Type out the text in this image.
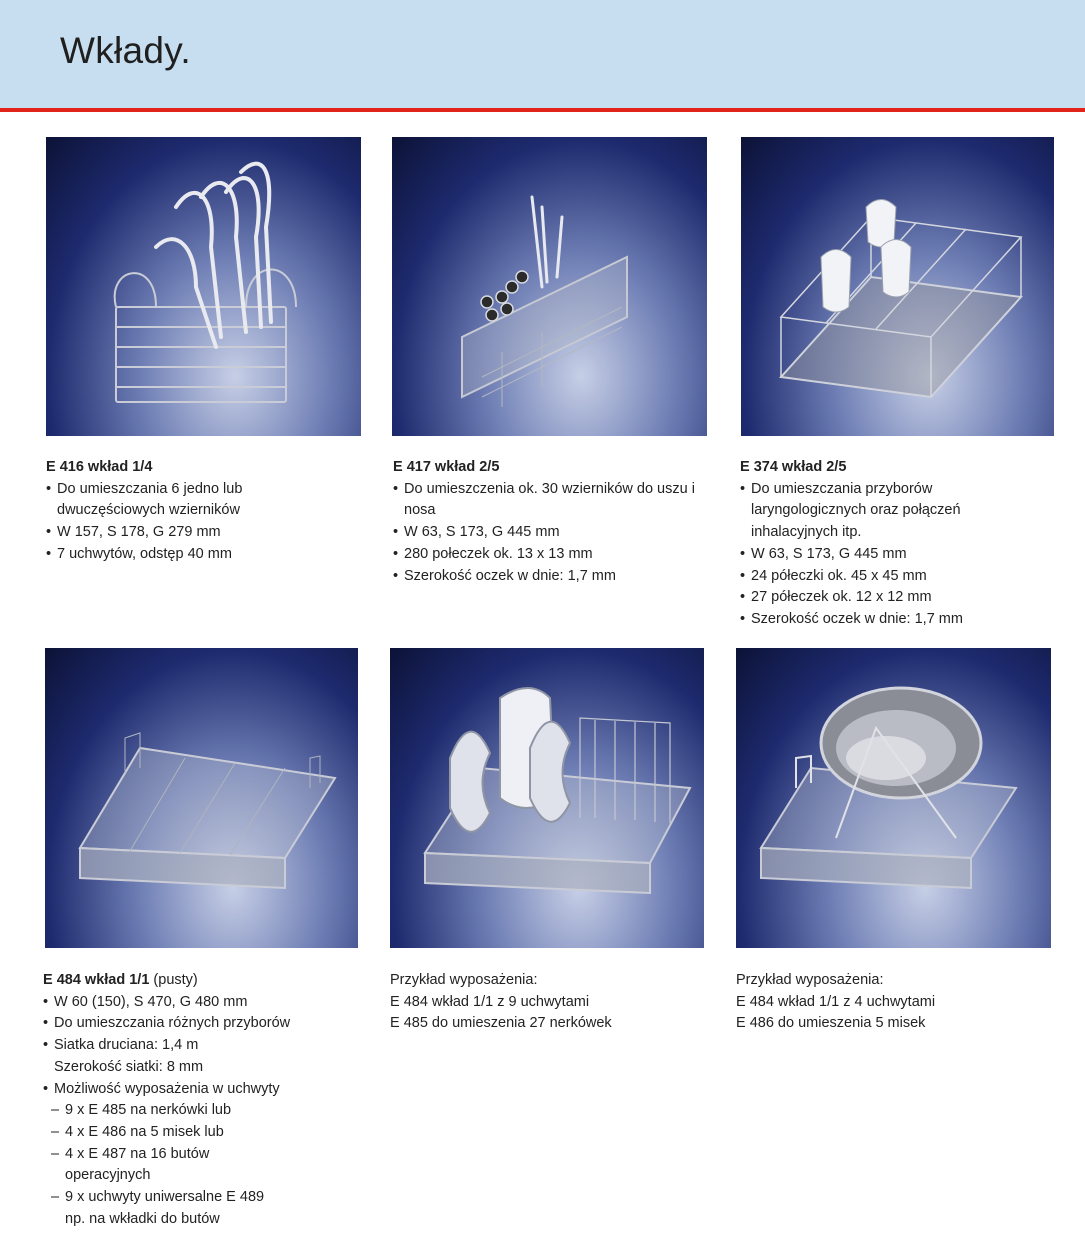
Wkłady.
E 416 wkład 1/4
• Do umieszczania 6 jedno lub
dwuczęściowych wzierników
• W 157, S 178, G 279 mm
• 7 uchwytów, odstęp 40 mm
E 417 wkład 2/5
• Do umieszczenia ok. 30 wzierników do uszu i
nosa
• W 63, S 173, G 445 mm
• 280 połeczek ok. 13 x 13 mm
• Szerokość oczek w dnie: 1,7 mm
E 374 wkład 2/5
• Do umieszczania przyborów
laryngologicznych oraz połączeń
inhalacyjnych itp.
• W 63, S 173, G 445 mm
• 24 półeczki ok. 45 x 45 mm
• 27 półeczek ok. 12 x 12 mm
• Szerokość oczek w dnie: 1,7 mm
E 484 wkład 1/1 (pusty)
• W 60 (150), S 470, G 480 mm
• Do umieszczania różnych przyborów
• Siatka druciana: 1,4 m
Szerokość siatki: 8 mm
• Możliwość wyposażenia w uchwyty
– 9 x E 485 na nerkówki lub
– 4 x E 486 na 5 misek lub
– 4 x E 487 na 16 butów
operacyjnych
– 9 x uchwyty uniwersalne E 489
np. na wkładki do butów
Przykład wyposażenia:
E 484 wkład 1/1 z 9 uchwytami
E 485 do umieszenia 27 nerkówek
Przykład wyposażenia:
E 484 wkład 1/1 z 4 uchwytami
E 486 do umieszenia 5 misek
